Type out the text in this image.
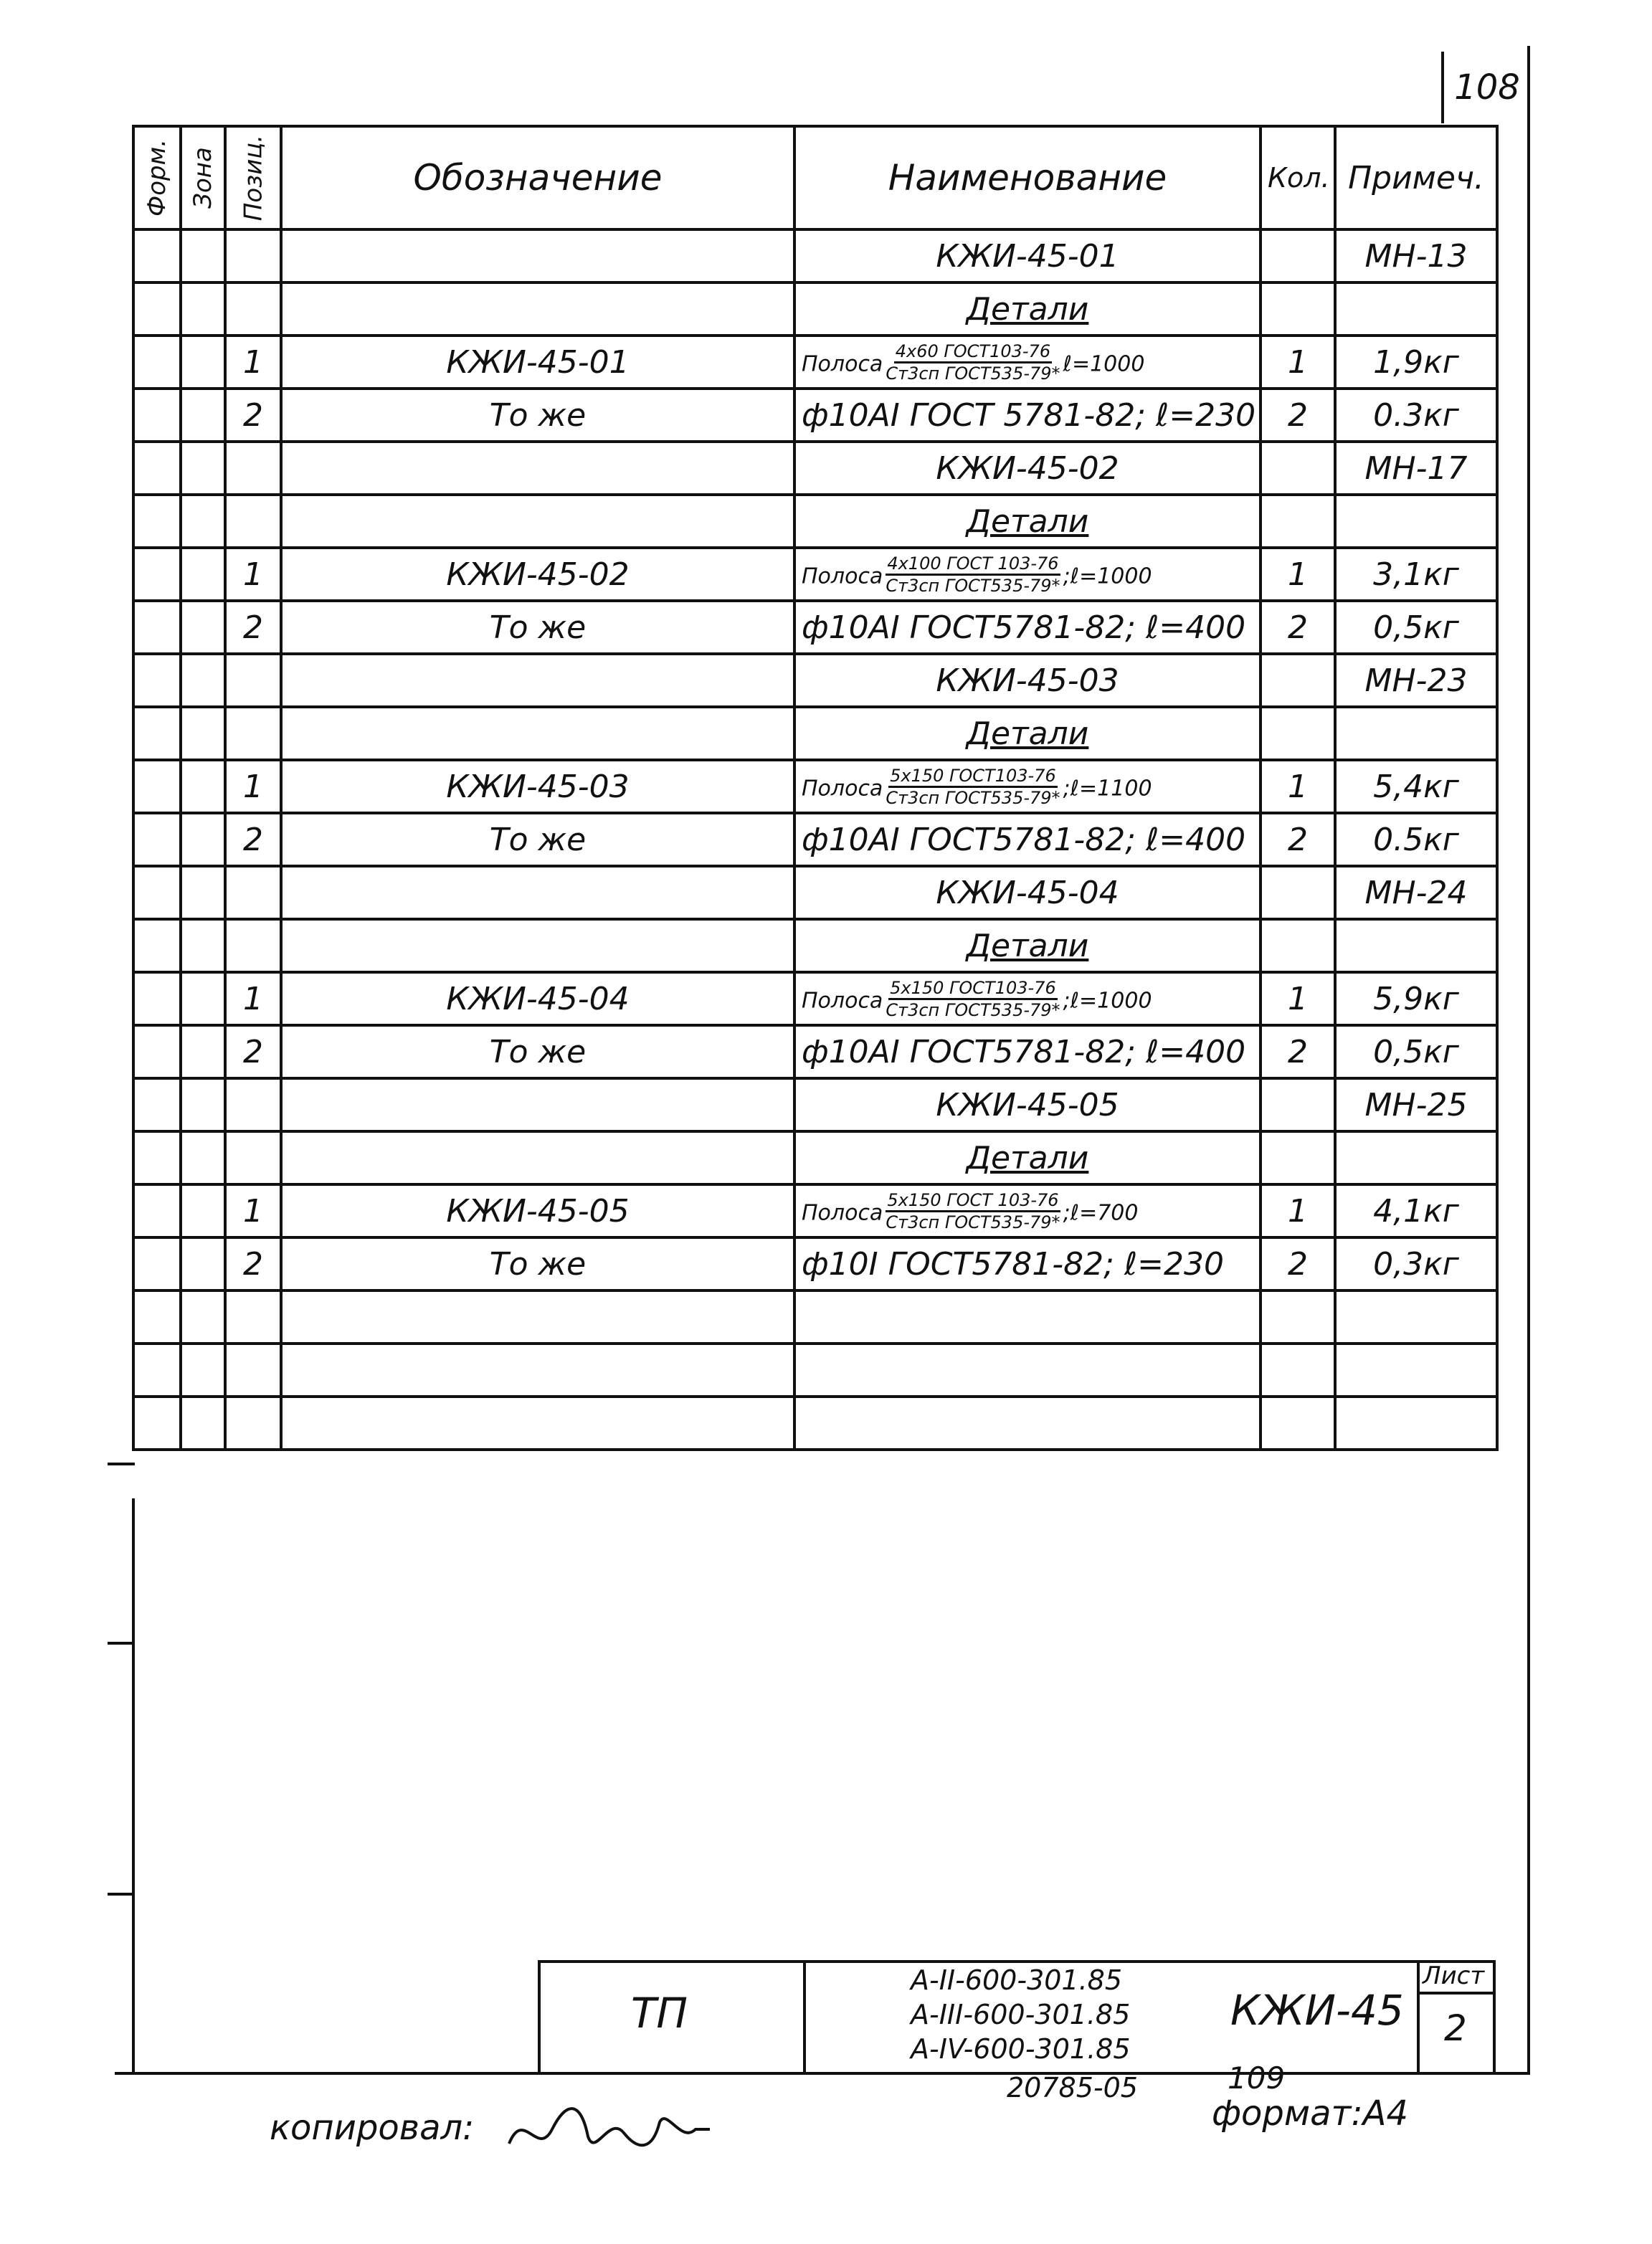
108
Форм.	Зона	Позиц.	Обозначение	Наименование	Кол.	Примеч.
				КЖИ-45-01		МН-13
				Детали		
		1	КЖИ-45-01	Полоса $\frac{\text{4х60 ГОСТ103-76}}{\text{Ст3сп ГОСТ535-79*}}$ ℓ=1000	1	1,9кг
		2	То же	ф10АI ГОСТ 5781-82; ℓ=230	2	0.3кг
				КЖИ-45-02		МН-17
				Детали		
		1	КЖИ-45-02	Полоса $\frac{\text{4х100 ГОСТ 103-76}}{\text{Ст3сп ГОСТ535-79*}}$ ;ℓ=1000	1	3,1кг
		2	То же	ф10АI ГОСТ5781-82; ℓ=400	2	0,5кг
				КЖИ-45-03		МН-23
				Детали		
		1	КЖИ-45-03	Полоса $\frac{\text{5х150 ГОСТ103-76}}{\text{Ст3сп ГОСТ535-79*}}$ ;ℓ=1100	1	5,4кг
		2	То же	ф10АI ГОСТ5781-82; ℓ=400	2	0.5кг
				КЖИ-45-04		МН-24
				Детали		
		1	КЖИ-45-04	Полоса $\frac{\text{5х150 ГОСТ103-76}}{\text{Ст3сп ГОСТ535-79*}}$ ;ℓ=1000	1	5,9кг
		2	То же	ф10АI ГОСТ5781-82; ℓ=400	2	0,5кг
				КЖИ-45-05		МН-25
				Детали		
		1	КЖИ-45-05	Полоса $\frac{\text{5х150 ГОСТ 103-76}}{\text{Ст3сп ГОСТ535-79*}}$ ;ℓ=700	1	4,1кг
		2	То же	ф10I ГОСТ5781-82; ℓ=230	2	0,3кг

ТП
А-ІІ-600-301.85
А-ІІІ-600-301.85
А-ІV-600-301.85
КЖИ-45
Лист
2
20785-05	109
копировал:	формат:А4
